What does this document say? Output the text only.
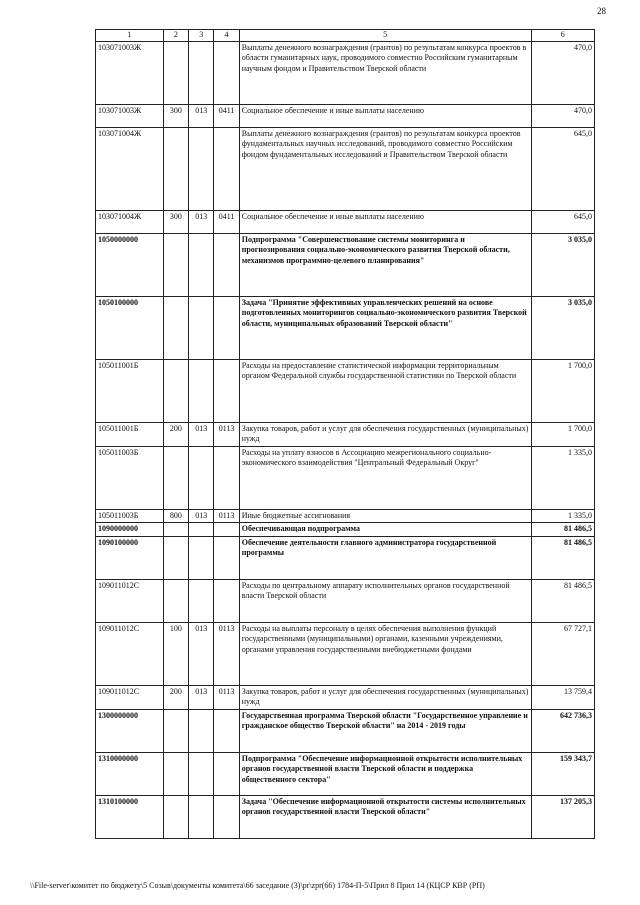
28
1	2	3	4	5	6
103071003Ж				Выплаты денежного вознаграждения (грантов) по результатам конкурса проектов в области гуманитарных наук, проводимого совместно Российским гуманитарным научным фондом и Правительством Тверской области	470,0
103071003Ж	300	013	0411	Социальное обеспечение и иные выплаты населению	470,0
103071004Ж				Выплаты денежного вознаграждения (грантов) по результатам конкурса проектов фундаментальных научных исследований, проводимого совместно Российским фондом фундаментальных исследований и Правительством Тверской области	645,0
103071004Ж	300	013	0411	Социальное обеспечение и иные выплаты населению	645,0
1050000000				Подпрограмма "Совершенствование системы мониторинга и прогнозирования социально-экономического развития Тверской области, механизмов программно-целевого планирования"	3 035,0
1050100000				Задача "Принятие эффективных управленческих решений на основе подготовленных мониторингов социально-экономического развития Тверской области, муниципальных образований Тверской области"	3 035,0
105011001Б				Расходы на предоставление статистической информации территориальным органом Федеральной службы государственной статистики по Тверской области	1 700,0
105011001Б	200	013	0113	Закупка товаров, работ и услуг для обеспечения государственных (муниципальных) нужд	1 700,0
105011003Б				Расходы на уплату взносов в Ассоциацию межрегионального социально-экономического взаимодействия "Центральный Федеральный Округ"	1 335,0
105011003Б	800	013	0113	Иные бюджетные ассигнования	1 335,0
1090000000				Обеспечивающая подпрограмма	81 486,5
1090100000				Обеспечение деятельности главного администратора государственной программы	81 486,5
109011012С				Расходы по центральному аппарату исполнительных органов государственной власти Тверской области	81 486,5
109011012С	100	013	0113	Расходы на выплаты персоналу в целях обеспечения выполнения функций государственными (муниципальными) органами, казенными учреждениями, органами управления государственными внебюджетными фондами	67 727,1
109011012С	200	013	0113	Закупка товаров, работ и услуг для обеспечения государственных (муниципальных) нужд	13 759,4
1300000000				Государственная программа Тверской области "Государственное управление и гражданское общество Тверской области" на 2014 - 2019 годы	642 736,3
1310000000				Подпрограмма "Обеспечение информационной открытости исполнительных органов государственной власти Тверской области и поддержка общественного сектора"	159 343,7
1310100000				Задача "Обеспечение информационной открытости системы исполнительных органов государственной власти Тверской области"	137 205,3
\\File-server\комитет по бюджету\5 Созыв\документы комитета\66 заседание (3)\pr\zpr(66) 1784-П-5\Прил 8 Прил 14 (КЦСР КВР (РП)
